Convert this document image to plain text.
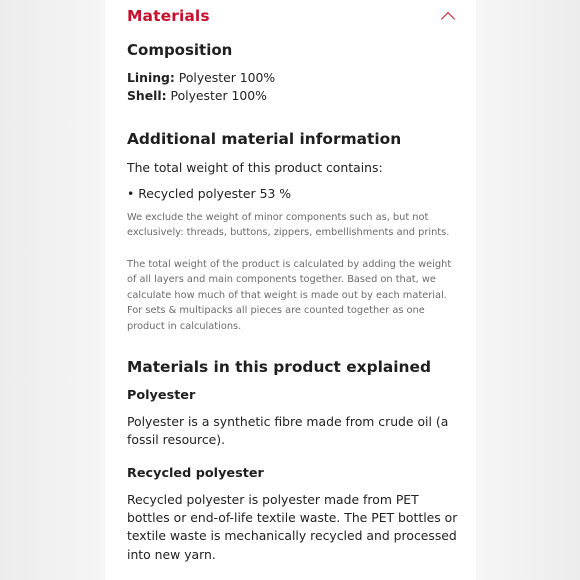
Materials
Composition

Lining: Polyester 100%

Shell: Polyester 100%

Additional material information

The total weight of this product contains:

• Recycled polyester 53 %

We exclude the weight of minor components such as, but not exclusively: threads, buttons, zippers, embellishments and prints.

The total weight of the product is calculated by adding the weight of all layers and main components together. Based on that, we calculate how much of that weight is made out by each material. For sets & multipacks all pieces are counted together as one product in calculations.

Materials in this product explained
Polyester

Polyester is a synthetic fibre made from crude oil (a fossil resource).

Recycled polyester

Recycled polyester is polyester made from PET bottles or end-of-life textile waste. The PET bottles or textile waste is mechanically recycled and processed into new yarn.
